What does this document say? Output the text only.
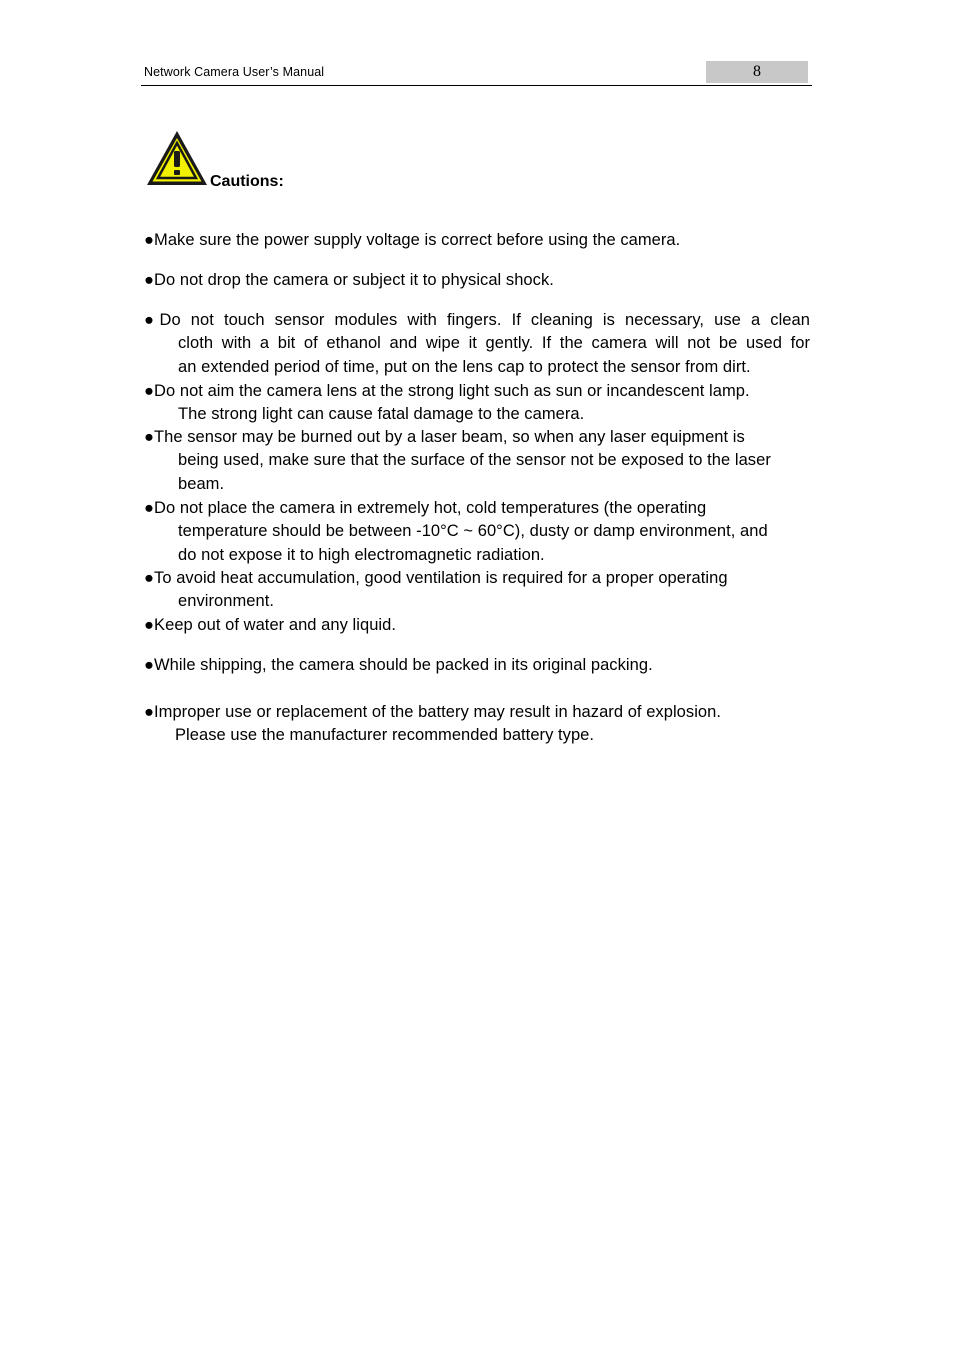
Network Camera User’s Manual	8
Cautions:
●Make sure the power supply voltage is correct before using the camera.
●Do not drop the camera or subject it to physical shock.
●Do not touch sensor modules with fingers. If cleaning is necessary, use a clean
cloth with a bit of ethanol and wipe it gently. If the camera will not be used for
an extended period of time, put on the lens cap to protect the sensor from dirt.
●Do not aim the camera lens at the strong light such as sun or incandescent lamp.
The strong light can cause fatal damage to the camera.
●The sensor may be burned out by a laser beam, so when any laser equipment is
being used, make sure that the surface of the sensor not be exposed to the laser
beam.
●Do not place the camera in extremely hot, cold temperatures (the operating
temperature should be between -10°C ~ 60°C), dusty or damp environment, and
do not expose it to high electromagnetic radiation.
●To avoid heat accumulation, good ventilation is required for a proper operating
environment.
●Keep out of water and any liquid.
●While shipping, the camera should be packed in its original packing.
●Improper use or replacement of the battery may result in hazard of explosion.
Please use the manufacturer recommended battery type.
